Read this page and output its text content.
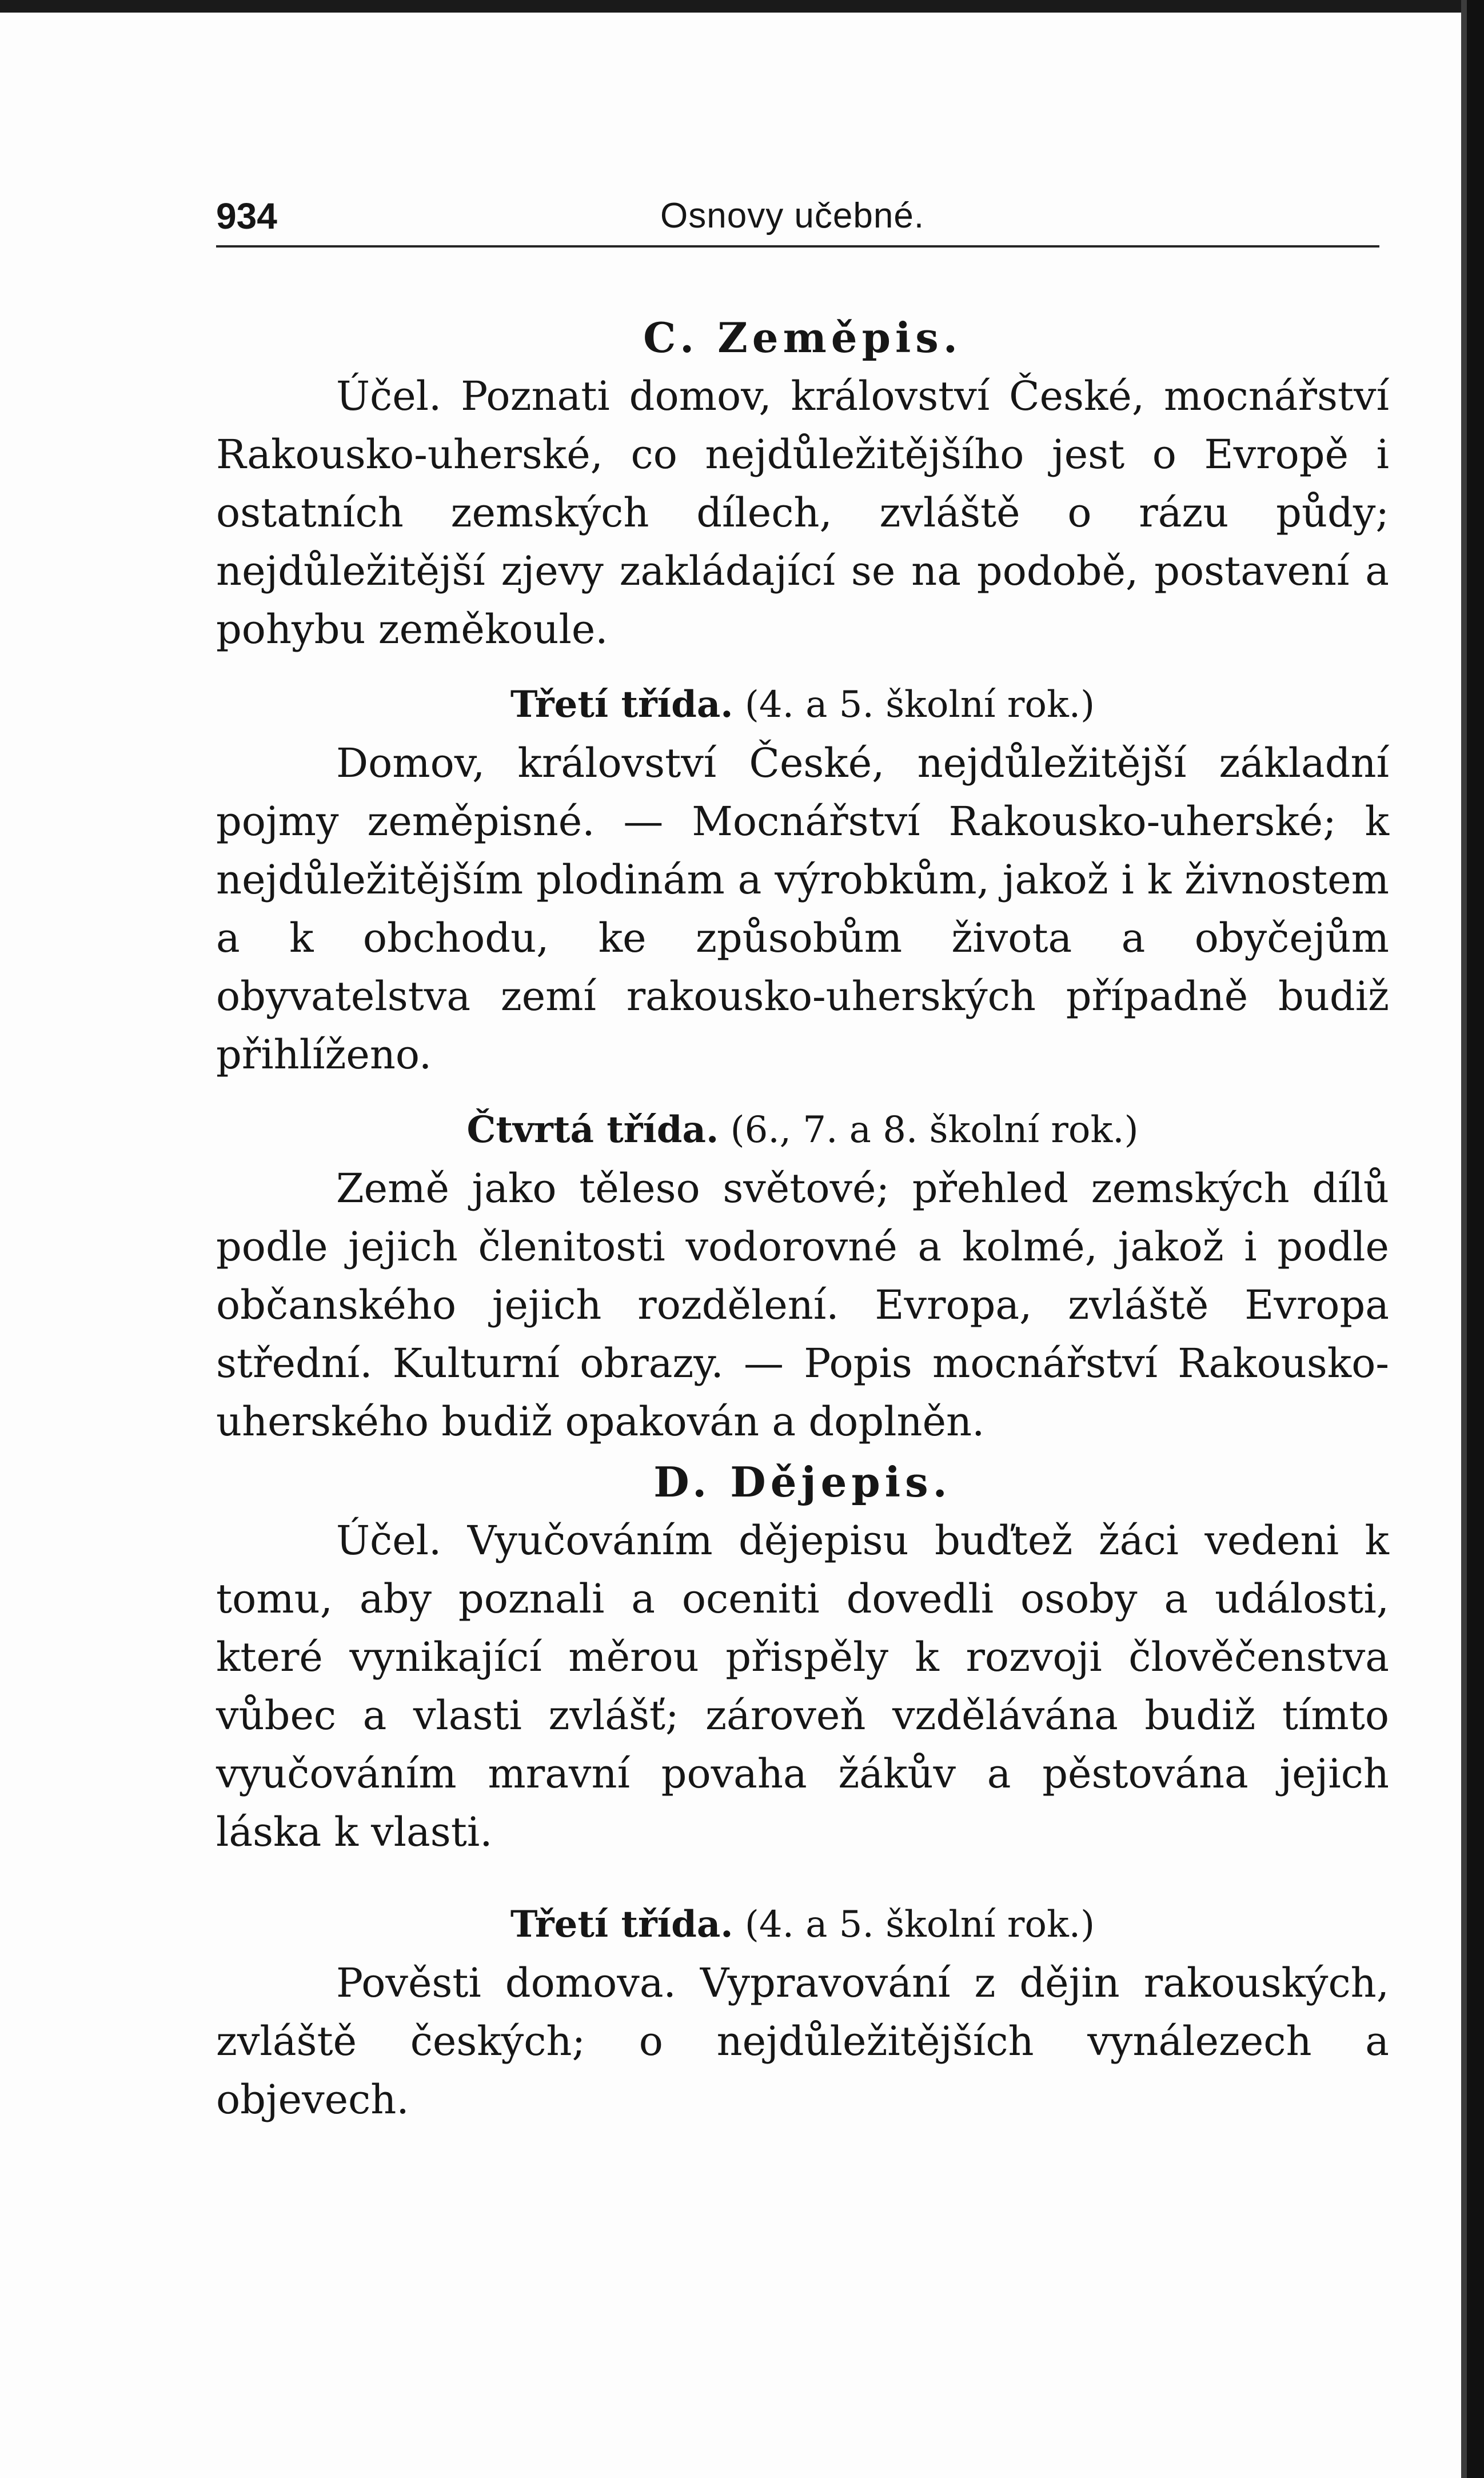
934	Osnovy učebné.
C. Zeměpis.

Účel. Poznati domov, království České, mocnářství Rakousko-uherské, co nejdůležitějšího jest o Evropě i ostatních zemských dílech, zvláště o rázu půdy; nejdůležitější zjevy zakládající se na podobě, postavení a pohybu zeměkoule.

Třetí třída. (4. a 5. školní rok.)

Domov, království České, nejdůležitější základní pojmy zeměpisné. — Mocnářství Rakousko-uherské; k nejdůležitějším plodinám a výrobkům, jakož i k živnostem a k obchodu, ke způsobům života a obyčejům obyvatelstva zemí rakousko-uherských případně budiž přihlíženo.

Čtvrtá třída. (6., 7. a 8. školní rok.)

Země jako těleso světové; přehled zemských dílů podle jejich členitosti vodorovné a kolmé, jakož i podle občanského jejich rozdělení. Evropa, zvláště Evropa střední. Kulturní obrazy. — Popis mocnářství Rakousko-uherského budiž opakován a doplněn.

D. Dějepis.

Účel. Vyučováním dějepisu buďtež žáci vedeni k tomu, aby poznali a oceniti dovedli osoby a události, které vynikající měrou přispěly k rozvoji člověčenstva vůbec a vlasti zvlášť; zároveň vzdělávána budiž tímto vyučováním mravní povaha žákův a pěstována jejich láska k vlasti.

Třetí třída. (4. a 5. školní rok.)

Pověsti domova. Vypravování z dějin rakouských, zvláště českých; o nejdůležitějších vynálezech a objevech.
